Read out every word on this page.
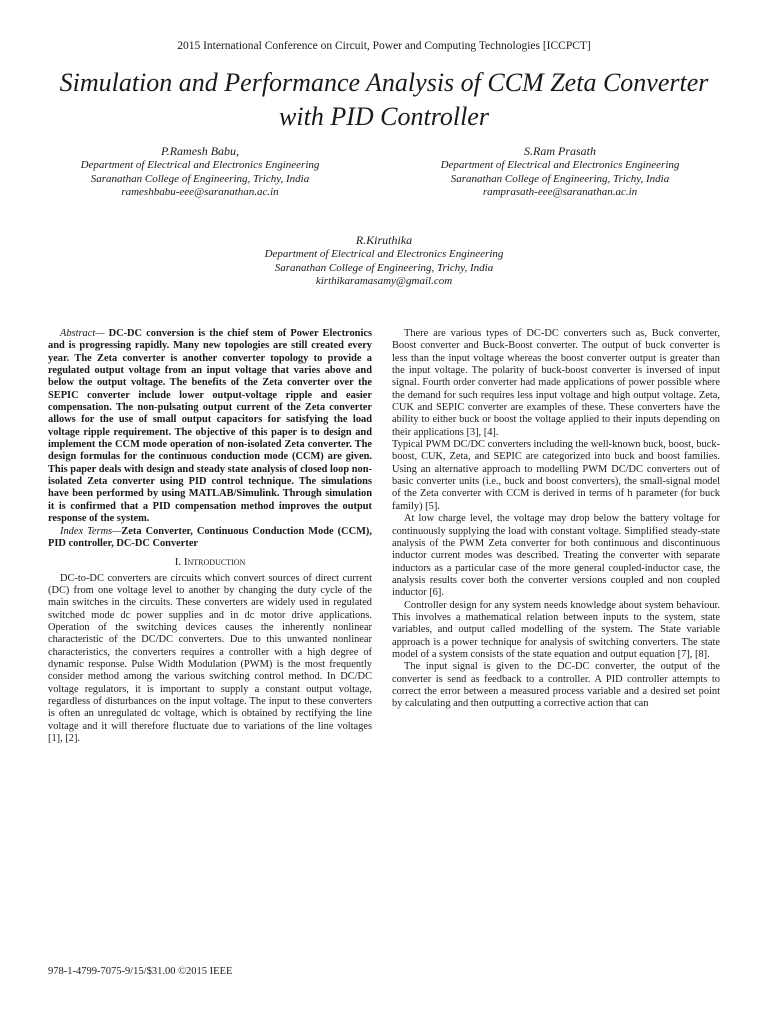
2015 International Conference on Circuit, Power and Computing Technologies [ICCPCT]
Simulation and Performance Analysis of CCM Zeta Converter with PID Controller
P.Ramesh Babu,
Department of Electrical and Electronics Engineering
Saranathan College of Engineering, Trichy, India
rameshbabu-eee@saranathan.ac.in
S.Ram Prasath
Department of Electrical and Electronics Engineering
Saranathan College of Engineering, Trichy, India
ramprasath-eee@saranathan.ac.in
R.Kiruthika
Department of Electrical and Electronics Engineering
Saranathan College of Engineering, Trichy, India
kirthikaramasamy@gmail.com

Abstract— DC-DC conversion is the chief stem of Power Electronics and is progressing rapidly. Many new topologies are still created every year. The Zeta converter is another converter topology to provide a regulated output voltage from an input voltage that varies above and below the output voltage. The benefits of the Zeta converter over the SEPIC converter include lower output-voltage ripple and easier compensation. The non-pulsating output current of the Zeta converter allows for the use of small output capacitors for satisfying the load voltage ripple requirement. The objective of this paper is to design and implement the CCM mode operation of non-isolated Zeta converter. The design formulas for the continuous conduction mode (CCM) are given. This paper deals with design and steady state analysis of closed loop non-isolated Zeta converter using PID control technique. The simulations have been performed by using MATLAB/Simulink. Through simulation it is confirmed that a PID compensation method improves the output response of the system.

Index Terms—Zeta Converter, Continuous Conduction Mode (CCM), PID controller, DC-DC Converter

I. Introduction

DC-to-DC converters are circuits which convert sources of direct current (DC) from one voltage level to another by changing the duty cycle of the main switches in the circuits. These converters are widely used in regulated switched mode dc power supplies and in dc motor drive applications. Operation of the switching devices causes the inherently nonlinear characteristic of the DC/DC converters. Due to this unwanted nonlinear characteristics, the converters requires a controller with a high degree of dynamic response. Pulse Width Modulation (PWM) is the most frequently consider method among the various switching control method. In DC/DC voltage regulators, it is important to supply a constant output voltage, regardless of disturbances on the input voltage. The input to these converters is often an unregulated dc voltage, which is obtained by rectifying the line voltage and it will therefore fluctuate due to variations of the line voltages [1], [2].

There are various types of DC-DC converters such as, Buck converter, Boost converter and Buck-Boost converter. The output of buck converter is less than the input voltage whereas the boost converter output is greater than the input voltage. The polarity of buck-boost converter is inversed of input signal. Fourth order converter had made applications of power possible where the demand for such requires less input voltage and high output voltage. Zeta, CUK and SEPIC converter are examples of these. These converters have the ability to either buck or boost the voltage applied to their inputs depending on their applications [3], [4].

Typical PWM DC/DC converters including the well-known buck, boost, buck-boost, CUK, Zeta, and SEPIC are categorized into buck and boost families. Using an alternative approach to modelling PWM DC/DC converters out of basic converter units (i.e., buck and boost converters), the small-signal model of the Zeta converter with CCM is derived in terms of h parameter (for buck family) [5].

At low charge level, the voltage may drop below the battery voltage for continuously supplying the load with constant voltage. Simplified steady-state analysis of the PWM Zeta converter for both continuous and discontinuous inductor current modes was described. Treating the converter with separate inductors as a particular case of the more general coupled-inductor case, the analysis results cover both the converter versions coupled and non coupled inductor [6].

Controller design for any system needs knowledge about system behaviour. This involves a mathematical relation between inputs to the system, state variables, and output called modelling of the system. The State variable approach is a power technique for analysis of switching converters. The state model of a system consists of the state equation and output equation [7], [8].

The input signal is given to the DC-DC converter, the output of the converter is send as feedback to a controller. A PID controller attempts to correct the error between a measured process variable and a desired set point by calculating and then outputting a corrective action that can

978-1-4799-7075-9/15/$31.00 ©2015 IEEE
